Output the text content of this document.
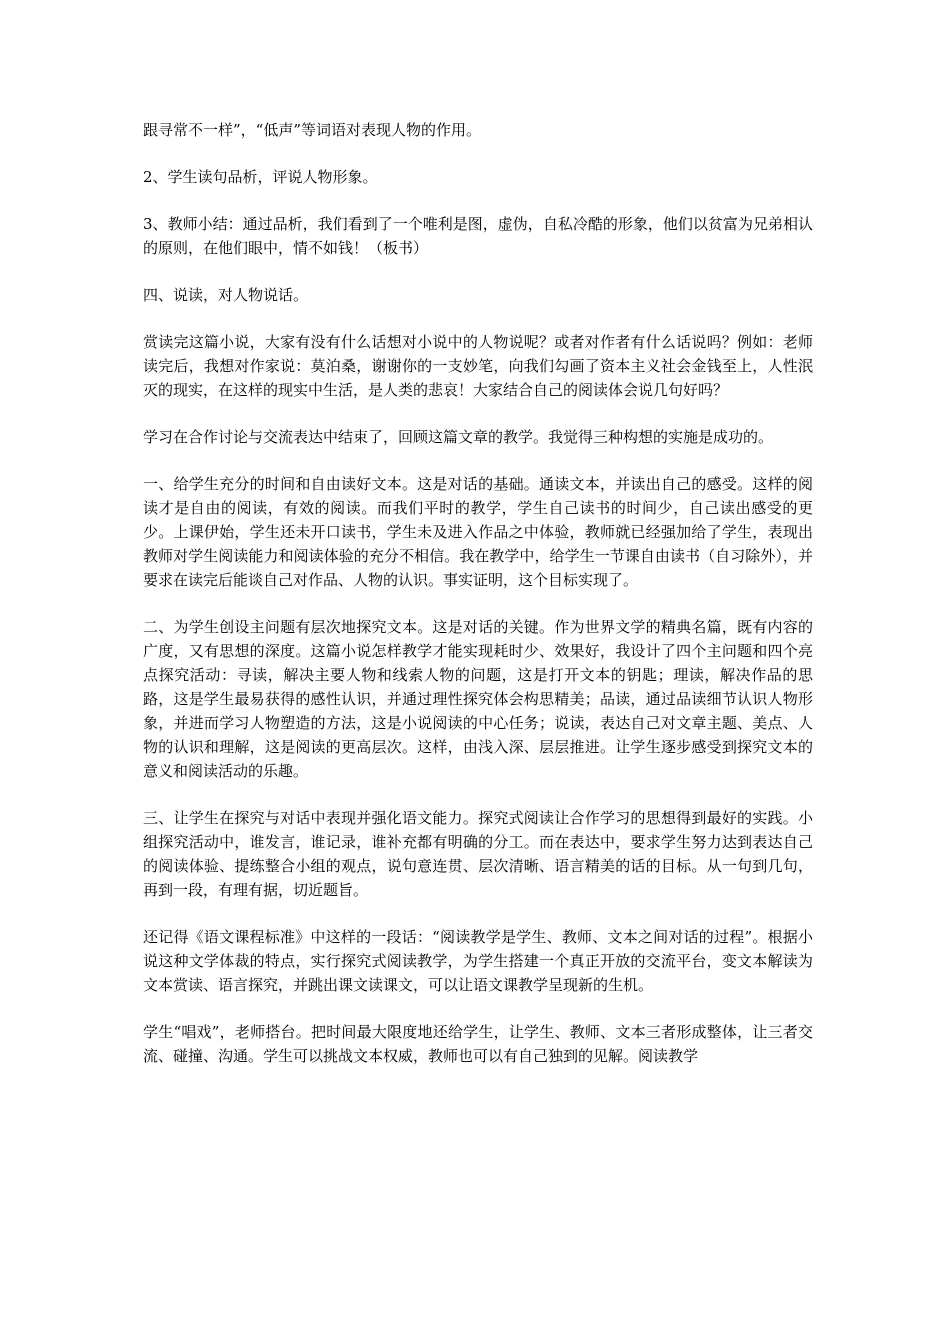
跟寻常不一样”，“低声”等词语对表现人物的作用。

2、学生读句品析，评说人物形象。

3、教师小结：通过品析，我们看到了一个唯利是图，虚伪，自私冷酷的形象，他们以贫富为兄弟相认的原则，在他们眼中，情不如钱！（板书）

四、说读，对人物说话。

赏读完这篇小说，大家有没有什么话想对小说中的人物说呢？或者对作者有什么话说吗？例如：老师读完后，我想对作家说：莫泊桑，谢谢你的一支妙笔，向我们勾画了资本主义社会金钱至上，人性泯灭的现实，在这样的现实中生活，是人类的悲哀！大家结合自己的阅读体会说几句好吗？

学习在合作讨论与交流表达中结束了，回顾这篇文章的教学。我觉得三种构想的实施是成功的。

一、给学生充分的时间和自由读好文本。这是对话的基础。通读文本，并读出自己的感受。这样的阅读才是自由的阅读，有效的阅读。而我们平时的教学，学生自己读书的时间少，自己读出感受的更少。上课伊始，学生还未开口读书，学生未及进入作品之中体验，教师就已经强加给了学生，表现出教师对学生阅读能力和阅读体验的充分不相信。我在教学中，给学生一节课自由读书（自习除外），并要求在读完后能谈自己对作品、人物的认识。事实证明，这个目标实现了。

二、为学生创设主问题有层次地探究文本。这是对话的关键。作为世界文学的精典名篇，既有内容的广度，又有思想的深度。这篇小说怎样教学才能实现耗时少、效果好，我设计了四个主问题和四个亮点探究活动：寻读，解决主要人物和线索人物的问题，这是打开文本的钥匙；理读，解决作品的思路，这是学生最易获得的感性认识，并通过理性探究体会构思精美；品读，通过品读细节认识人物形象，并进而学习人物塑造的方法，这是小说阅读的中心任务；说读，表达自己对文章主题、美点、人物的认识和理解，这是阅读的更高层次。这样，由浅入深、层层推进。让学生逐步感受到探究文本的意义和阅读活动的乐趣。

三、让学生在探究与对话中表现并强化语文能力。探究式阅读让合作学习的思想得到最好的实践。小组探究活动中，谁发言，谁记录，谁补充都有明确的分工。而在表达中，要求学生努力达到表达自己的阅读体验、提练整合小组的观点，说句意连贯、层次清晰、语言精美的话的目标。从一句到几句，再到一段，有理有据，切近题旨。

还记得《语文课程标准》中这样的一段话：“阅读教学是学生、教师、文本之间对话的过程”。根据小说这种文学体裁的特点，实行探究式阅读教学，为学生搭建一个真正开放的交流平台，变文本解读为文本赏读、语言探究，并跳出课文读课文，可以让语文课教学呈现新的生机。

学生“唱戏”，老师搭台。把时间最大限度地还给学生，让学生、教师、文本三者形成整体，让三者交流、碰撞、沟通。学生可以挑战文本权威，教师也可以有自己独到的见解。阅读教学
